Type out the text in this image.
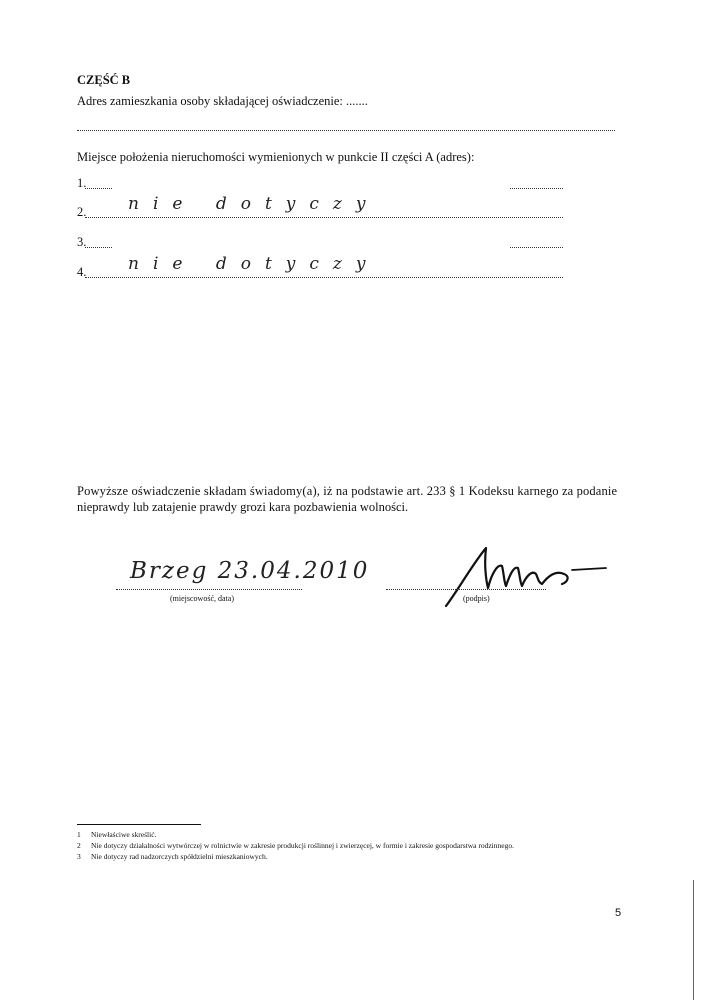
CZĘŚĆ B
Adres zamieszkania osoby składającej oświadczenie: .......
Miejsce położenia nieruchomości wymienionych w punkcie II części A (adres):
1.
2. nie dotyczy
3.
4. nie dotyczy
Powyższe oświadczenie składam świadomy(a), iż na podstawie art. 233 § 1 Kodeksu karnego za podanie
nieprawdy lub zatajenie prawdy grozi kara pozbawienia wolności.
Brzeg 23.04.2010
(miejscowość, data)	(podpis)
1 Niewłaściwe skreślić.
2 Nie dotyczy działalności wytwórczej w rolnictwie w zakresie produkcji roślinnej i zwierzęcej, w formie i zakresie gospodarstwa rodzinnego.
3 Nie dotyczy rad nadzorczych spółdzielni mieszkaniowych.
5
